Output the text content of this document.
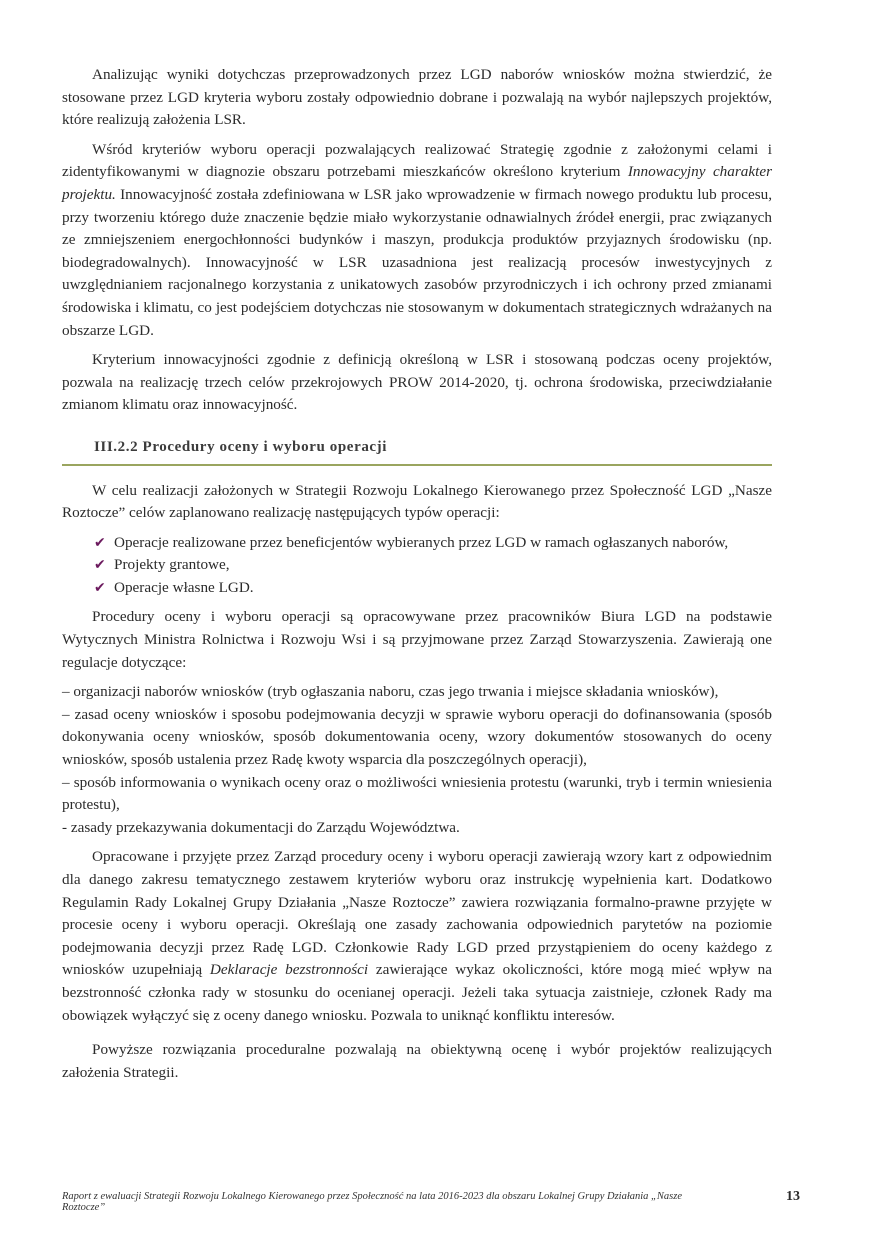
Analizując wyniki dotychczas przeprowadzonych przez LGD naborów wniosków można stwierdzić, że stosowane przez LGD kryteria wyboru zostały odpowiednio dobrane i pozwalają na wybór najlepszych projektów, które realizują założenia LSR.

Wśród kryteriów wyboru operacji pozwalających realizować Strategię zgodnie z założonymi celami i zidentyfikowanymi w diagnozie obszaru potrzebami mieszkańców określono kryterium Innowacyjny charakter projektu. Innowacyjność została zdefiniowana w LSR jako wprowadzenie w firmach nowego produktu lub procesu, przy tworzeniu którego duże znaczenie będzie miało wykorzystanie odnawialnych źródeł energii, prac związanych ze zmniejszeniem energochłonności budynków i maszyn, produkcja produktów przyjaznych środowisku (np. biodegradowalnych). Innowacyjność w LSR uzasadniona jest realizacją procesów inwestycyjnych z uwzględnianiem racjonalnego korzystania z unikatowych zasobów przyrodniczych i ich ochrony przed zmianami środowiska i klimatu, co jest podejściem dotychczas nie stosowanym w dokumentach strategicznych wdrażanych na obszarze LGD.

Kryterium innowacyjności zgodnie z definicją określoną w LSR i stosowaną podczas oceny projektów, pozwala na realizację trzech celów przekrojowych PROW 2014-2020, tj. ochrona środowiska, przeciwdziałanie zmianom klimatu oraz innowacyjność.

III.2.2 Procedury oceny i wyboru operacji

W celu realizacji założonych w Strategii Rozwoju Lokalnego Kierowanego przez Społeczność LGD „Nasze Roztocze” celów zaplanowano realizację następujących typów operacji:

✔ Operacje realizowane przez beneficjentów wybieranych przez LGD w ramach ogłaszanych naborów,
✔ Projekty grantowe,
✔ Operacje własne LGD.

Procedury oceny i wyboru operacji są opracowywane przez pracowników Biura LGD na podstawie Wytycznych Ministra Rolnictwa i Rozwoju Wsi i są przyjmowane przez Zarząd Stowarzyszenia. Zawierają one regulacje dotyczące:

– organizacji naborów wniosków (tryb ogłaszania naboru, czas jego trwania i miejsce składania wniosków),
– zasad oceny wniosków i sposobu podejmowania decyzji w sprawie wyboru operacji do dofinansowania (sposób dokonywania oceny wniosków, sposób dokumentowania oceny, wzory dokumentów stosowanych do oceny wniosków, sposób ustalenia przez Radę kwoty wsparcia dla poszczególnych operacji),
– sposób informowania o wynikach oceny oraz o możliwości wniesienia protestu (warunki, tryb i termin wniesienia protestu),
- zasady przekazywania dokumentacji do Zarządu Województwa.

Opracowane i przyjęte przez Zarząd procedury oceny i wyboru operacji zawierają wzory kart z odpowiednim dla danego zakresu tematycznego zestawem kryteriów wyboru oraz instrukcję wypełnienia kart. Dodatkowo Regulamin Rady Lokalnej Grupy Działania „Nasze Roztocze” zawiera rozwiązania formalno-prawne przyjęte w procesie oceny i wyboru operacji. Określają one zasady zachowania odpowiednich parytetów na poziomie podejmowania decyzji przez Radę LGD. Członkowie Rady LGD przed przystąpieniem do oceny każdego z wniosków uzupełniają Deklaracje bezstronności zawierające wykaz okoliczności, które mogą mieć wpływ na bezstronność członka rady w stosunku do ocenianej operacji. Jeżeli taka sytuacja zaistnieje, członek Rady ma obowiązek wyłączyć się z oceny danego wniosku. Pozwala to uniknąć konfliktu interesów.

Powyższe rozwiązania proceduralne pozwalają na obiektywną ocenę i wybór projektów realizujących założenia Strategii.

Raport z ewaluacji Strategii Rozwoju Lokalnego Kierowanego przez Społeczność na lata 2016-2023 dla obszaru Lokalnej Grupy Działania „Nasze Roztocze”
13
